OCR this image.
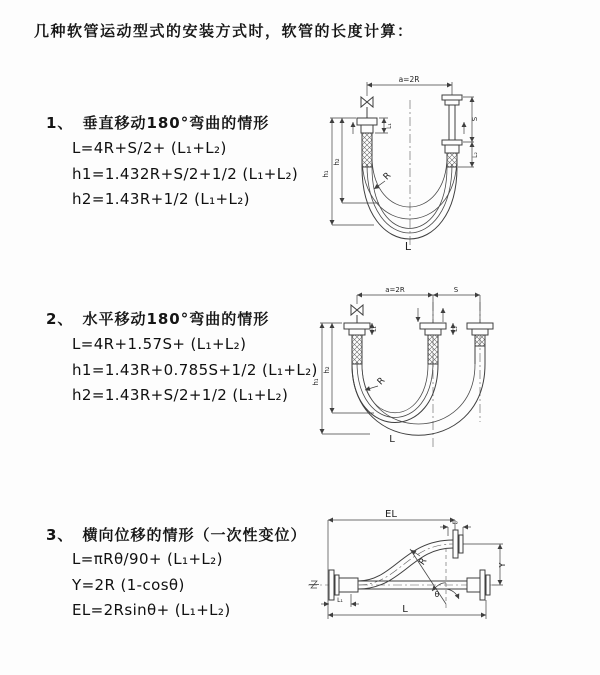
几种软管运动型式的安装方式时，软管的长度计算：
1、 垂直移动180°弯曲的情形
L=4R+S/2+ (L₁+L₂)
h1=1.432R+S/2+1/2 (L₁+L₂)
h2=1.43R+1/2 (L₁+L₂)
2、 水平移动180°弯曲的情形
L=4R+1.57S+ (L₁+L₂)
h1=1.43R+0.785S+1/2 (L₁+L₂)
h2=1.43R+S/2+1/2 (L₁+L₂)
3、 横向位移的情形（一次性变位）
L=πRθ/90+ (L₁+L₂)
Y=2R (1-cosθ)
EL=2Rsinθ+ (L₁+L₂)
a=2R
L₁
S
L₂
h₁
h₂
R
L
a=2R	S
L₁	L₂
h₁
h₂
R
L
EL
L₂
Y
θ
R
L₁
L
